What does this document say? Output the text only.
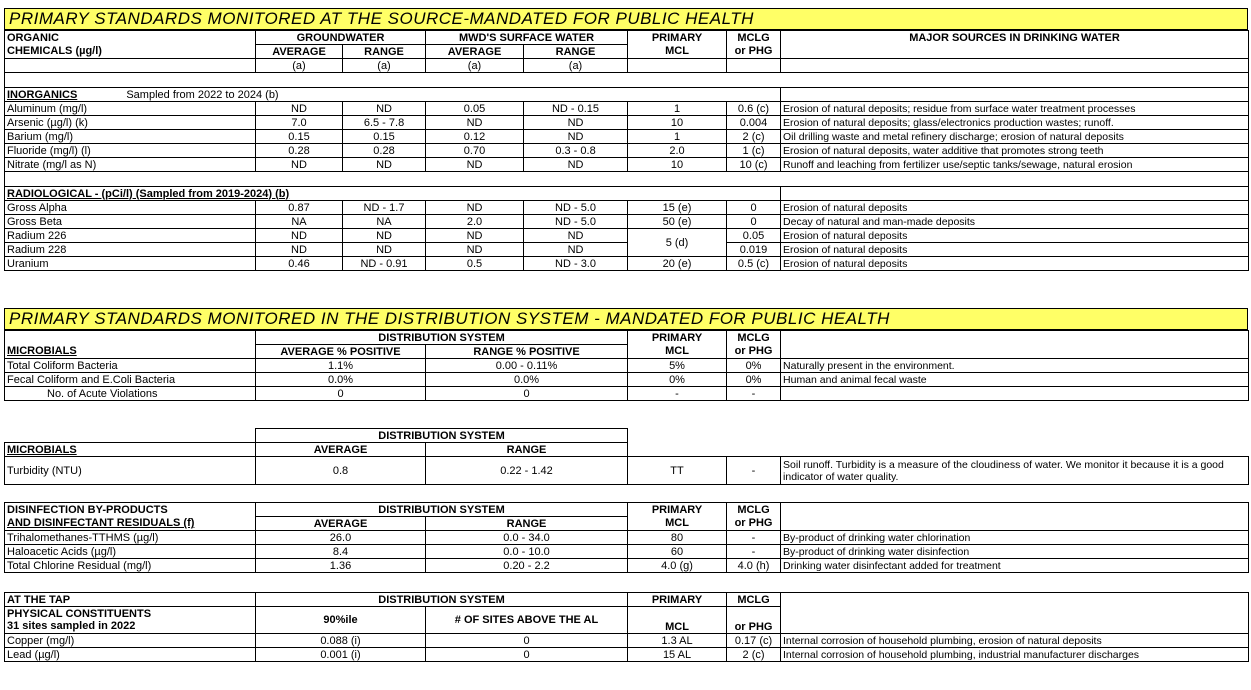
PRIMARY STANDARDS MONITORED AT THE SOURCE-MANDATED FOR PUBLIC HEALTH
ORGANIC	GROUNDWATER		MWD'S SURFACE WATER		PRIMARY	MCLG	MAJOR SOURCES IN DRINKING WATER
CHEMICALS (µg/l)	AVERAGE	RANGE	AVERAGE	RANGE	MCL	or PHG	
	(a)	(a)	(a)	(a)			

INORGANICS Sampled from 2022 to 2024 (b)							
Aluminum (mg/l)	ND	ND	0.05	ND - 0.15	1	0.6 (c)	Erosion of natural deposits; residue from surface water treatment processes
Arsenic (µg/l) (k)	7.0	6.5 - 7.8	ND	ND	10	0.004	Erosion of natural deposits; glass/electronics production wastes; runoff.
Barium (mg/l)	0.15	0.15	0.12	ND	1	2 (c)	Oil drilling waste and metal refinery discharge; erosion of natural deposits
Fluoride (mg/l) (l)	0.28	0.28	0.70	0.3 - 0.8	2.0	1 (c)	Erosion of natural deposits, water additive that promotes strong teeth
Nitrate (mg/l as N)	ND	ND	ND	ND	10	10 (c)	Runoff and leaching from fertilizer use/septic tanks/sewage, natural erosion

RADIOLOGICAL - (pCi/l) (Sampled from 2019-2024) (b)							
Gross Alpha	0.87	ND - 1.7	ND	ND - 5.0	15 (e)	0	Erosion of natural deposits
Gross Beta	NA	NA	2.0	ND - 5.0	50 (e)	0	Decay of natural and man-made deposits
Radium 226	ND	ND	ND	ND	5 (d)	0.05	Erosion of natural deposits
Radium 228	ND	ND	ND	ND		0.019	Erosion of natural deposits
Uranium	0.46	ND - 0.91	0.5	ND - 3.0	20 (e)	0.5 (c)	Erosion of natural deposits
PRIMARY STANDARDS MONITORED IN THE DISTRIBUTION SYSTEM - MANDATED FOR PUBLIC HEALTH
	DISTRIBUTION SYSTEM		PRIMARY	MCLG	
MICROBIALS	AVERAGE % POSITIVE	RANGE % POSITIVE	MCL	or PHG	
Total Coliform Bacteria	1.1%	0.00 - 0.11%	5%	0%	Naturally present in the environment.
Fecal Coliform and E.Coli Bacteria	0.0%	0.0%	0%	0%	Human and animal fecal waste
No. of Acute Violations	0	0	-	-	
	DISTRIBUTION SYSTEM				
MICROBIALS	AVERAGE	RANGE			
Turbidity (NTU)	0.8	0.22 - 1.42	TT	-	Soil runoff. Turbidity is a measure of the cloudiness of water. We monitor it because it is a good indicator of water quality.
DISINFECTION BY-PRODUCTS	DISTRIBUTION SYSTEM		PRIMARY	MCLG	
AND DISINFECTANT RESIDUALS (f)	AVERAGE	RANGE	MCL	or PHG	
Trihalomethanes-TTHMS (µg/l)	26.0	0.0 - 34.0	80	-	By-product of drinking water chlorination
Haloacetic Acids (µg/l)	8.4	0.0 - 10.0	60	-	By-product of drinking water disinfection
Total Chlorine Residual (mg/l)	1.36	0.20 - 2.2	4.0 (g)	4.0 (h)	Drinking water disinfectant added for treatment
AT THE TAP	DISTRIBUTION SYSTEM		PRIMARY	MCLG	

PHYSICAL CONSTITUENTS
31 sites sampled in 2022	90%ile	# OF SITES ABOVE THE AL	MCL	or PHG	
Copper (mg/l)	0.088 (i)	0	1.3 AL	0.17 (c)	Internal corrosion of household plumbing, erosion of natural deposits
Lead (µg/l)	0.001 (i)	0	15 AL	2 (c)	Internal corrosion of household plumbing, industrial manufacturer discharges
